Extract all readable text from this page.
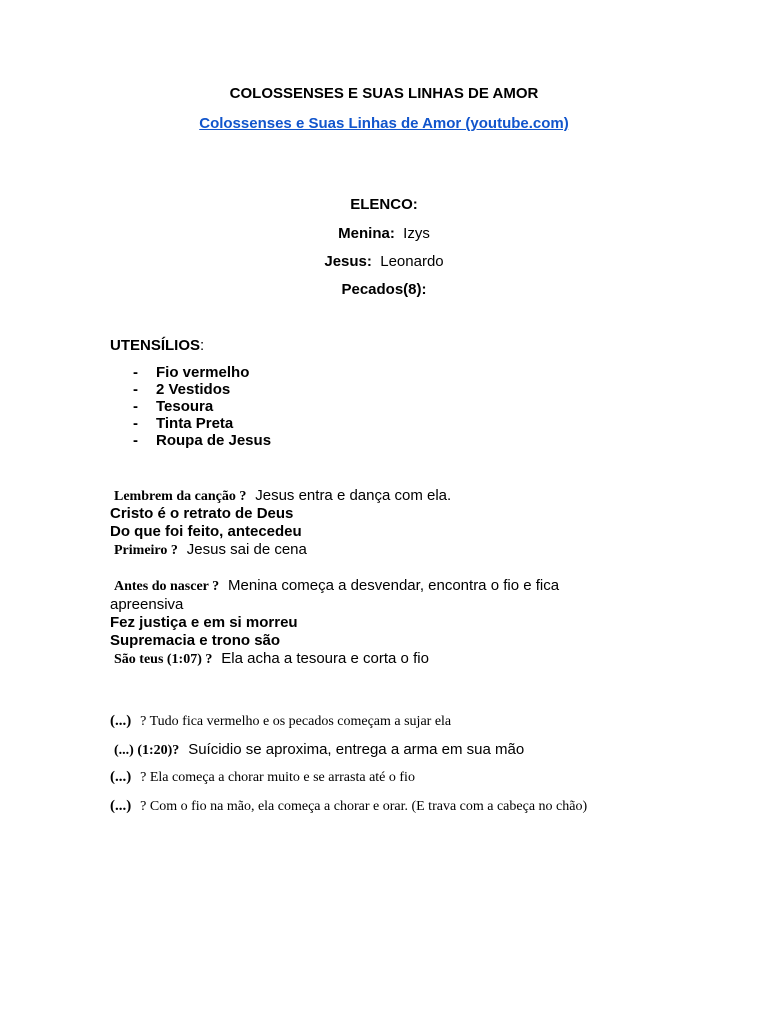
COLOSSENSES E SUAS LINHAS DE AMOR
Colossenses e Suas Linhas de Amor (youtube.com)
ELENCO:
Menina: Izys
Jesus: Leonardo
Pecados(8):
UTENSÍLIOS:
- Fio vermelho
- 2 Vestidos
- Tesoura
- Tinta Preta
- Roupa de Jesus
Lembrem da canção ? Jesus entra e dança com ela.
Cristo é o retrato de Deus
Do que foi feito, antecedeu
Primeiro ? Jesus sai de cena
Antes do nascer ? Menina começa a desvendar, encontra o fio e fica
apreensiva
Fez justiça e em si morreu
Supremacia e trono são
São teus (1:07) ? Ela acha a tesoura e corta o fio
(...) ? Tudo fica vermelho e os pecados começam a sujar ela
(...) (1:20)? Suícidio se aproxima, entrega a arma em sua mão
(...) ? Ela começa a chorar muito e se arrasta até o fio
(...) ? Com o fio na mão, ela começa a chorar e orar. (E trava com a cabeça no chão)
